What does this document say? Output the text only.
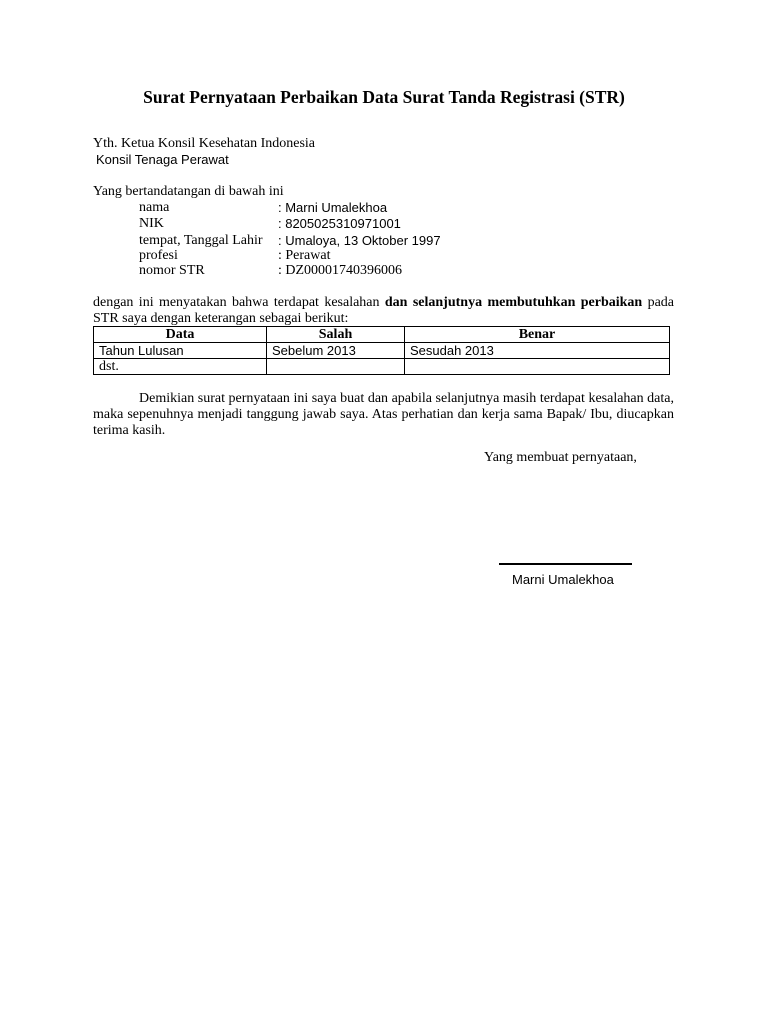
Surat Pernyataan Perbaikan Data Surat Tanda Registrasi (STR)
Yth. Ketua Konsil Kesehatan Indonesia
Konsil Tenaga Perawat
Yang bertandatangan di bawah ini
nama	: Marni Umalekhoa
NIK	: 8205025310971001
tempat, Tanggal Lahir : Umaloya, 13 Oktober 1997
profesi	: Perawat
nomor STR	: DZ00001740396006
dengan ini menyatakan bahwa terdapat kesalahan dan selanjutnya membutuhkan perbaikan pada STR saya dengan keterangan sebagai berikut:
Data	Salah	Benar
Tahun Lulusan	Sebelum 2013	Sesudah 2013
dst.		
Demikian surat pernyataan ini saya buat dan apabila selanjutnya masih terdapat kesalahan data, maka sepenuhnya menjadi tanggung jawab saya. Atas perhatian dan kerja sama Bapak/ Ibu, diucapkan terima kasih.
Yang membuat pernyataan,
Marni Umalekhoa
